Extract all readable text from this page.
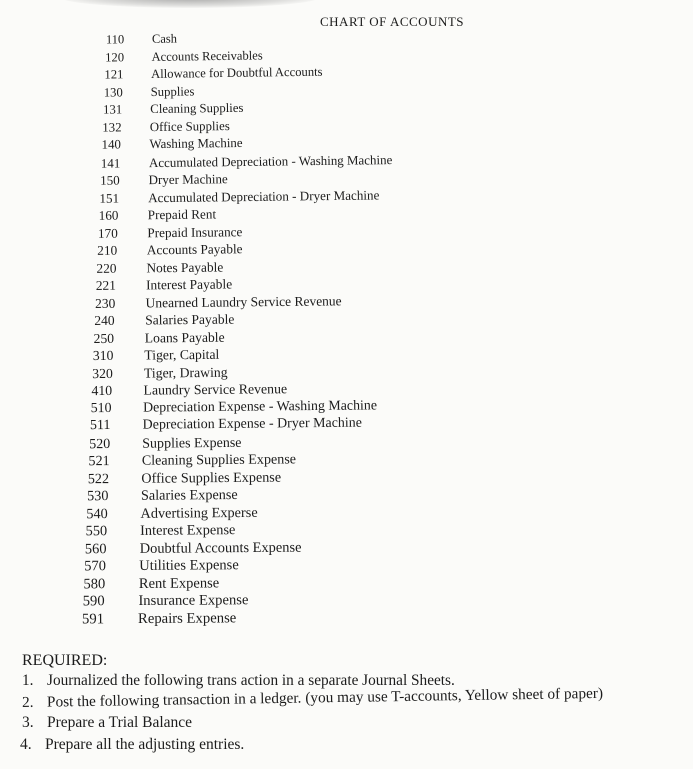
CHART OF ACCOUNTS
110 Cash
120 Accounts Receivables
121 Allowance for Doubtful Accounts
130 Supplies
131 Cleaning Supplies
132 Office Supplies
140 Washing Machine
141 Accumulated Depreciation - Washing Machine
150 Dryer Machine
151 Accumulated Depreciation - Dryer Machine
160 Prepaid Rent
170 Prepaid Insurance
210 Accounts Payable
220 Notes Payable
221 Interest Payable
230 Unearned Laundry Service Revenue
240 Salaries Payable
250 Loans Payable
310 Tiger, Capital
320 Tiger, Drawing
410 Laundry Service Revenue
510 Depreciation Expense - Washing Machine
511 Depreciation Expense - Dryer Machine
520 Supplies Expense
521 Cleaning Supplies Expense
522 Office Supplies Expense
530 Salaries Expense
540 Advertising Experse
550 Interest Expense
560 Doubtful Accounts Expense
570 Utilities Expense
580 Rent Expense
590 Insurance Expense
591 Repairs Expense
REQUIRED:
1. Journalized the following trans action in a separate Journal Sheets.
2. Post the following transaction in a ledger. (you may use T-accounts, Yellow sheet of paper)
3. Prepare a Trial Balance
4. Prepare all the adjusting entries.
